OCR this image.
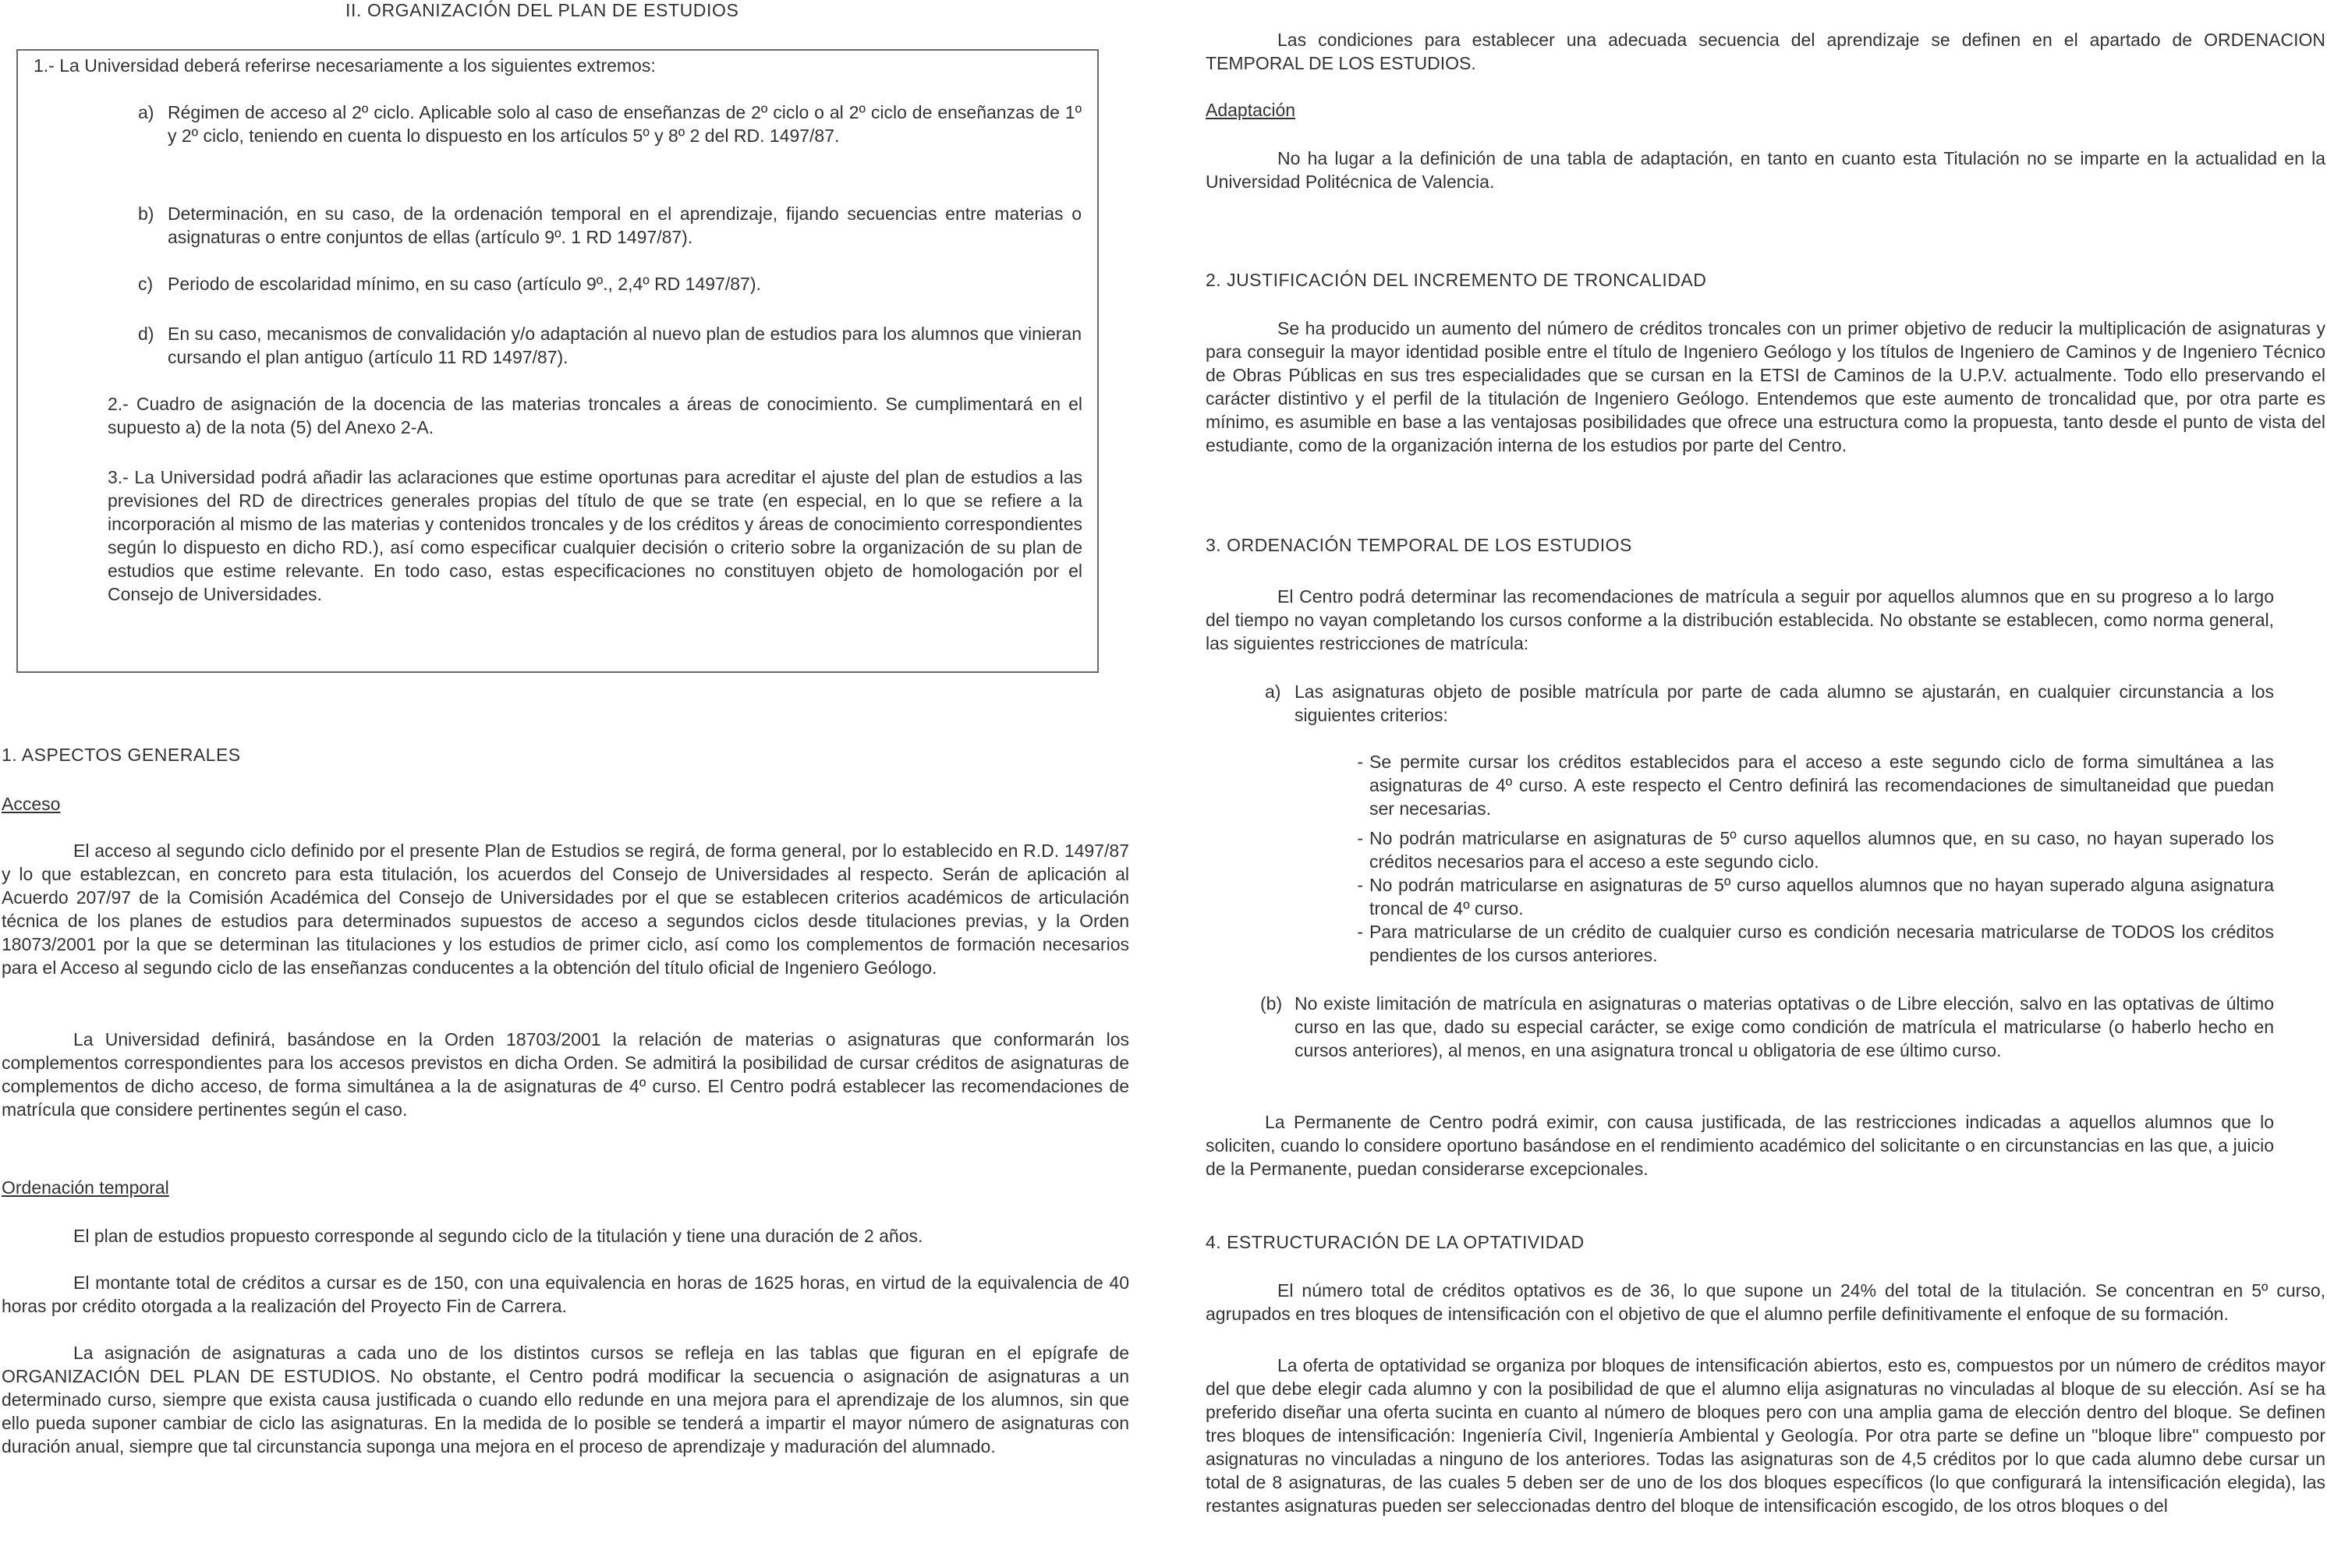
II. ORGANIZACIÓN DEL PLAN DE ESTUDIOS

1.- La Universidad deberá referirse necesariamente a los siguientes extremos:

a) Régimen de acceso al 2º ciclo. Aplicable solo al caso de enseñanzas de 2º ciclo o al 2º ciclo de enseñanzas de 1º y 2º ciclo, teniendo en cuenta lo dispuesto en los artículos 5º y 8º 2 del RD. 1497/87.
b) Determinación, en su caso, de la ordenación temporal en el aprendizaje, fijando secuencias entre materias o asignaturas o entre conjuntos de ellas (artículo 9º. 1 RD 1497/87).
c) Periodo de escolaridad mínimo, en su caso (artículo 9º., 2,4º RD 1497/87).
d) En su caso, mecanismos de convalidación y/o adaptación al nuevo plan de estudios para los alumnos que vinieran cursando el plan antiguo (artículo 11 RD 1497/87).

2.- Cuadro de asignación de la docencia de las materias troncales a áreas de conocimiento. Se cumplimentará en el supuesto a) de la nota (5) del Anexo 2-A.

3.- La Universidad podrá añadir las aclaraciones que estime oportunas para acreditar el ajuste del plan de estudios a las previsiones del RD de directrices generales propias del título de que se trate (en especial, en lo que se refiere a la incorporación al mismo de las materias y contenidos troncales y de los créditos y áreas de conocimiento correspondientes según lo dispuesto en dicho RD.), así como especificar cualquier decisión o criterio sobre la organización de su plan de estudios que estime relevante. En todo caso, estas especificaciones no constituyen objeto de homologación por el Consejo de Universidades.

1. ASPECTOS GENERALES
Acceso

El acceso al segundo ciclo definido por el presente Plan de Estudios se regirá, de forma general, por lo establecido en R.D. 1497/87 y lo que establezcan, en concreto para esta titulación, los acuerdos del Consejo de Universidades al respecto. Serán de aplicación al Acuerdo 207/97 de la Comisión Académica del Consejo de Universidades por el que se establecen criterios académicos de articulación técnica de los planes de estudios para determinados supuestos de acceso a segundos ciclos desde titulaciones previas, y la Orden 18073/2001 por la que se determinan las titulaciones y los estudios de primer ciclo, así como los complementos de formación necesarios para el Acceso al segundo ciclo de las enseñanzas conducentes a la obtención del título oficial de Ingeniero Geólogo.

La Universidad definirá, basándose en la Orden 18703/2001 la relación de materias o asignaturas que conformarán los complementos correspondientes para los accesos previstos en dicha Orden. Se admitirá la posibilidad de cursar créditos de asignaturas de complementos de dicho acceso, de forma simultánea a la de asignaturas de 4º curso. El Centro podrá establecer las recomendaciones de matrícula que considere pertinentes según el caso.

Ordenación temporal

El plan de estudios propuesto corresponde al segundo ciclo de la titulación y tiene una duración de 2 años.

El montante total de créditos a cursar es de 150, con una equivalencia en horas de 1625 horas, en virtud de la equivalencia de 40 horas por crédito otorgada a la realización del Proyecto Fin de Carrera.

La asignación de asignaturas a cada uno de los distintos cursos se refleja en las tablas que figuran en el epígrafe de ORGANIZACIÓN DEL PLAN DE ESTUDIOS. No obstante, el Centro podrá modificar la secuencia o asignación de asignaturas a un determinado curso, siempre que exista causa justificada o cuando ello redunde en una mejora para el aprendizaje de los alumnos, sin que ello pueda suponer cambiar de ciclo las asignaturas. En la medida de lo posible se tenderá a impartir el mayor número de asignaturas con duración anual, siempre que tal circunstancia suponga una mejora en el proceso de aprendizaje y maduración del alumnado.

Las condiciones para establecer una adecuada secuencia del aprendizaje se definen en el apartado de ORDENACION TEMPORAL DE LOS ESTUDIOS.

Adaptación

No ha lugar a la definición de una tabla de adaptación, en tanto en cuanto esta Titulación no se imparte en la actualidad en la Universidad Politécnica de Valencia.

2. JUSTIFICACIÓN DEL INCREMENTO DE TRONCALIDAD

Se ha producido un aumento del número de créditos troncales con un primer objetivo de reducir la multiplicación de asignaturas y para conseguir la mayor identidad posible entre el título de Ingeniero Geólogo y los títulos de Ingeniero de Caminos y de Ingeniero Técnico de Obras Públicas en sus tres especialidades que se cursan en la ETSI de Caminos de la U.P.V. actualmente. Todo ello preservando el carácter distintivo y el perfil de la titulación de Ingeniero Geólogo. Entendemos que este aumento de troncalidad que, por otra parte es mínimo, es asumible en base a las ventajosas posibilidades que ofrece una estructura como la propuesta, tanto desde el punto de vista del estudiante, como de la organización interna de los estudios por parte del Centro.

3. ORDENACIÓN TEMPORAL DE LOS ESTUDIOS

El Centro podrá determinar las recomendaciones de matrícula a seguir por aquellos alumnos que en su progreso a lo largo del tiempo no vayan completando los cursos conforme a la distribución establecida. No obstante se establecen, como norma general, las siguientes restricciones de matrícula:

a) Las asignaturas objeto de posible matrícula por parte de cada alumno se ajustarán, en cualquier circunstancia a los siguientes criterios:
- Se permite cursar los créditos establecidos para el acceso a este segundo ciclo de forma simultánea a las asignaturas de 4º curso. A este respecto el Centro definirá las recomendaciones de simultaneidad que puedan ser necesarias.
- No podrán matricularse en asignaturas de 5º curso aquellos alumnos que, en su caso, no hayan superado los créditos necesarios para el acceso a este segundo ciclo.
- No podrán matricularse en asignaturas de 5º curso aquellos alumnos que no hayan superado alguna asignatura troncal de 4º curso.
- Para matricularse de un crédito de cualquier curso es condición necesaria matricularse de TODOS los créditos pendientes de los cursos anteriores.
(b) No existe limitación de matrícula en asignaturas o materias optativas o de Libre elección, salvo en las optativas de último curso en las que, dado su especial carácter, se exige como condición de matrícula el matricularse (o haberlo hecho en cursos anteriores), al menos, en una asignatura troncal u obligatoria de ese último curso.

La Permanente de Centro podrá eximir, con causa justificada, de las restricciones indicadas a aquellos alumnos que lo soliciten, cuando lo considere oportuno basándose en el rendimiento académico del solicitante o en circunstancias en las que, a juicio de la Permanente, puedan considerarse excepcionales.

4. ESTRUCTURACIÓN DE LA OPTATIVIDAD

El número total de créditos optativos es de 36, lo que supone un 24% del total de la titulación. Se concentran en 5º curso, agrupados en tres bloques de intensificación con el objetivo de que el alumno perfile definitivamente el enfoque de su formación.

La oferta de optatividad se organiza por bloques de intensificación abiertos, esto es, compuestos por un número de créditos mayor del que debe elegir cada alumno y con la posibilidad de que el alumno elija asignaturas no vinculadas al bloque de su elección. Así se ha preferido diseñar una oferta sucinta en cuanto al número de bloques pero con una amplia gama de elección dentro del bloque. Se definen tres bloques de intensificación: Ingeniería Civil, Ingeniería Ambiental y Geología. Por otra parte se define un "bloque libre" compuesto por asignaturas no vinculadas a ninguno de los anteriores. Todas las asignaturas son de 4,5 créditos por lo que cada alumno debe cursar un total de 8 asignaturas, de las cuales 5 deben ser de uno de los dos bloques específicos (lo que configurará la intensificación elegida), las restantes asignaturas pueden ser seleccionadas dentro del bloque de intensificación escogido, de los otros bloques o del
